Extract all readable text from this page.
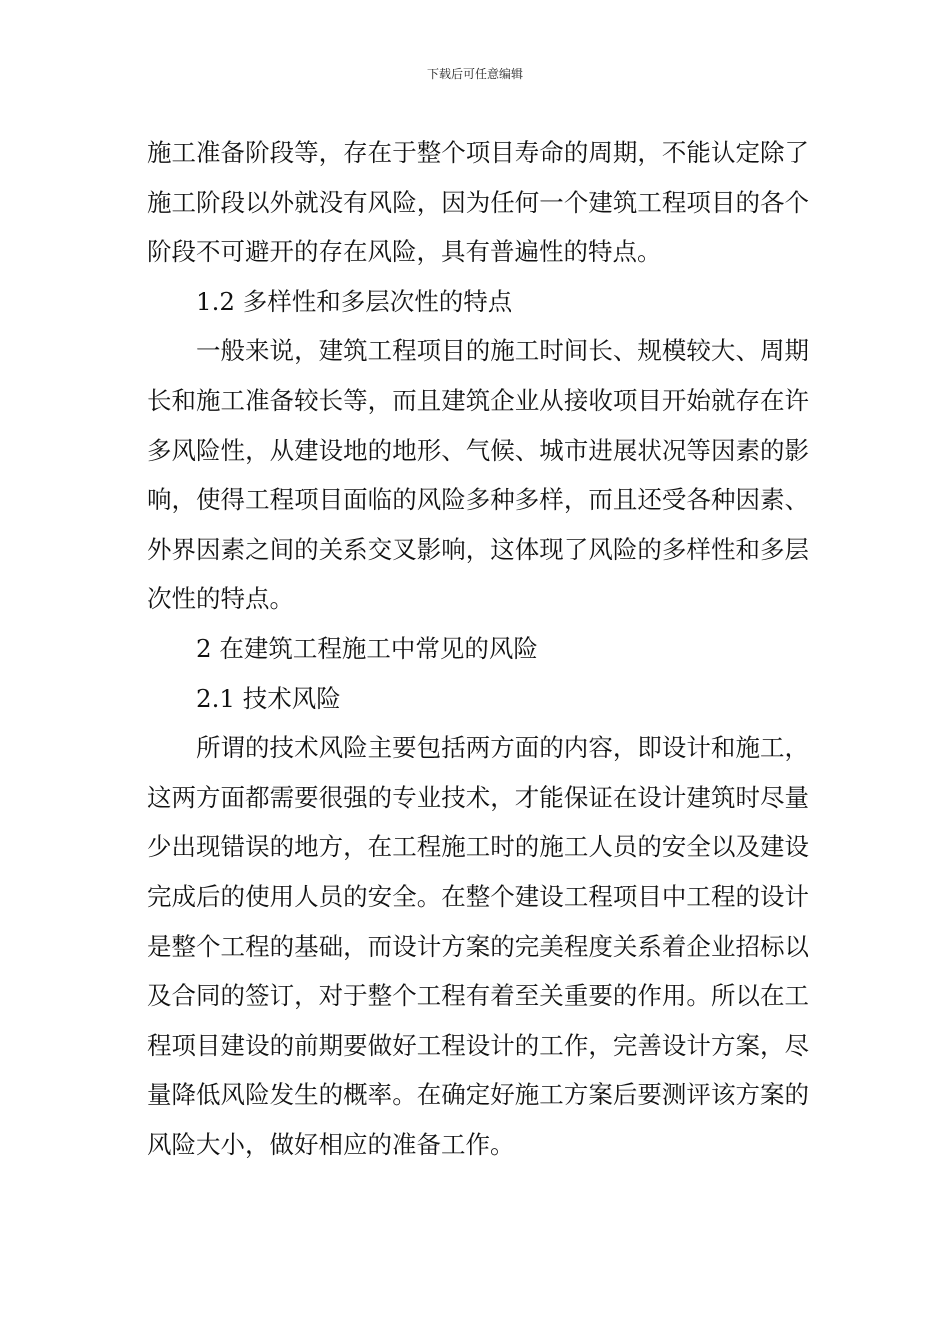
下载后可任意编辑

施工准备阶段等，存在于整个项目寿命的周期，不能认定除了施工阶段以外就没有风险，因为任何一个建筑工程项目的各个阶段不可避开的存在风险，具有普遍性的特点。

1.2 多样性和多层次性的特点

一般来说，建筑工程项目的施工时间长、规模较大、周期长和施工准备较长等，而且建筑企业从接收项目开始就存在许多风险性，从建设地的地形、气候、城市进展状况等因素的影响，使得工程项目面临的风险多种多样，而且还受各种因素、外界因素之间的关系交叉影响，这体现了风险的多样性和多层次性的特点。

2 在建筑工程施工中常见的风险

2.1 技术风险

所谓的技术风险主要包括两方面的内容，即设计和施工，这两方面都需要很强的专业技术，才能保证在设计建筑时尽量少出现错误的地方，在工程施工时的施工人员的安全以及建设完成后的使用人员的安全。在整个建设工程项目中工程的设计是整个工程的基础，而设计方案的完美程度关系着企业招标以及合同的签订，对于整个工程有着至关重要的作用。所以在工程项目建设的前期要做好工程设计的工作，完善设计方案，尽量降低风险发生的概率。在确定好施工方案后要测评该方案的风险大小，做好相应的准备工作。
